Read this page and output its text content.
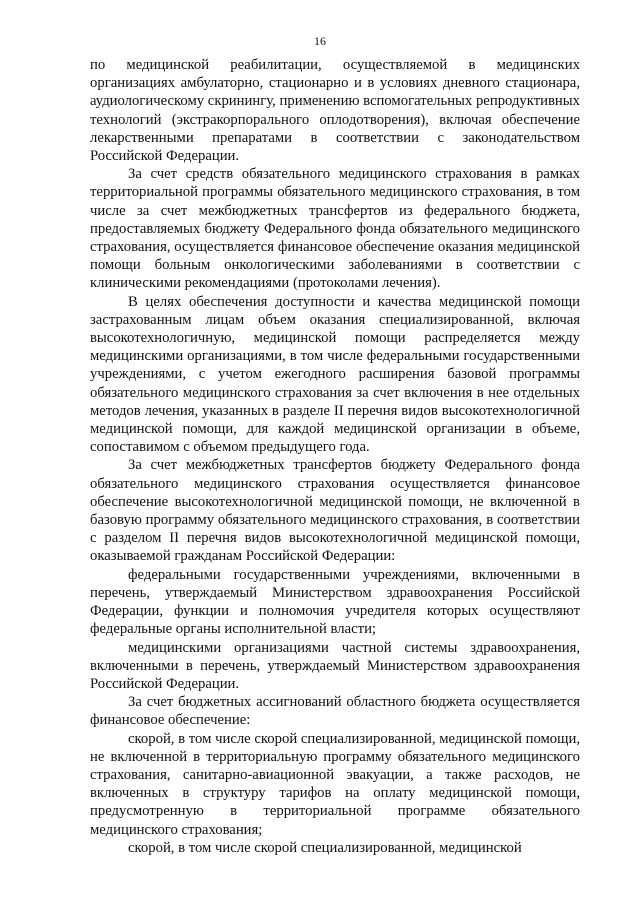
16

по медицинской реабилитации, осуществляемой в медицинских организациях амбулаторно, стационарно и в условиях дневного стационара, аудиологическому скринингу, применению вспомогательных репродуктивных технологий (экстракорпорального оплодотворения), включая обеспечение лекарственными препаратами в соответствии с законодательством Российской Федерации.

За счет средств обязательного медицинского страхования в рамках территориальной программы обязательного медицинского страхования, в том числе за счет межбюджетных трансфертов из федерального бюджета, предоставляемых бюджету Федерального фонда обязательного медицинского страхования, осуществляется финансовое обеспечение оказания медицинской помощи больным онкологическими заболеваниями в соответствии с клиническими рекомендациями (протоколами лечения).

В целях обеспечения доступности и качества медицинской помощи застрахованным лицам объем оказания специализированной, включая высокотехнологичную, медицинской помощи распределяется между медицинскими организациями, в том числе федеральными государственными учреждениями, с учетом ежегодного расширения базовой программы обязательного медицинского страхования за счет включения в нее отдельных методов лечения, указанных в разделе II перечня видов высокотехнологичной медицинской помощи, для каждой медицинской организации в объеме, сопоставимом с объемом предыдущего года.

За счет межбюджетных трансфертов бюджету Федерального фонда обязательного медицинского страхования осуществляется финансовое обеспечение высокотехнологичной медицинской помощи, не включенной в базовую программу обязательного медицинского страхования, в соответствии с разделом II перечня видов высокотехнологичной медицинской помощи, оказываемой гражданам Российской Федерации:

федеральными государственными учреждениями, включенными в перечень, утверждаемый Министерством здравоохранения Российской Федерации, функции и полномочия учредителя которых осуществляют федеральные органы исполнительной власти;

медицинскими организациями частной системы здравоохранения, включенными в перечень, утверждаемый Министерством здравоохранения Российской Федерации.

За счет бюджетных ассигнований областного бюджета осуществляется финансовое обеспечение:

скорой, в том числе скорой специализированной, медицинской помощи, не включенной в территориальную программу обязательного медицинского страхования, санитарно-авиационной эвакуации, а также расходов, не включенных в структуру тарифов на оплату медицинской помощи, предусмотренную в территориальной программе обязательного медицинского страхования;

скорой, в том числе скорой специализированной, медицинской
